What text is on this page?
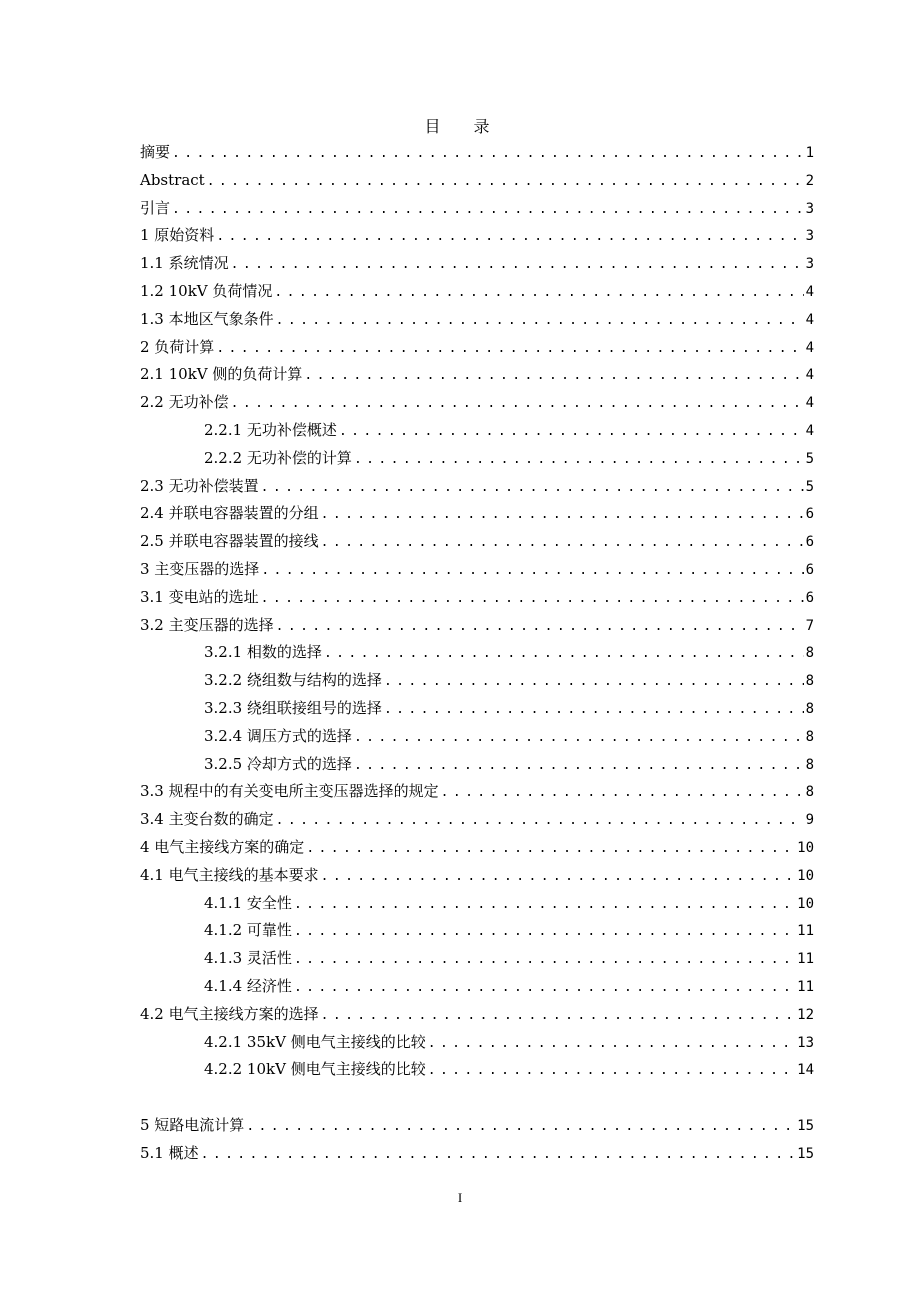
目 录
摘要 .....	1
Abstract .....	2
引言 .....	3
1 原始资料 .....	3
1.1 系统情况 .....	3
1.2 10kV 负荷情况 .....	4
1.3 本地区气象条件 .....	4
2 负荷计算 .....	4
2.1 10kV 侧的负荷计算 .....	4
2.2 无功补偿 .....	4
2.2.1 无功补偿概述 .....	4
2.2.2 无功补偿的计算 .....	5
2.3 无功补偿装置 .....	5
2.4 并联电容器装置的分组 .....	6
2.5 并联电容器装置的接线 .....	6
3 主变压器的选择 .....	6
3.1 变电站的选址 .....	6
3.2 主变压器的选择 .....	7
3.2.1 相数的选择 .....	8
3.2.2 绕组数与结构的选择 .....	8
3.2.3 绕组联接组号的选择 .....	8
3.2.4 调压方式的选择 .....	8
3.2.5 冷却方式的选择 .....	8
3.3 规程中的有关变电所主变压器选择的规定 .....	8
3.4 主变台数的确定 .....	9
4 电气主接线方案的确定 .....	10
4.1 电气主接线的基本要求 .....	10
4.1.1 安全性 .....	10
4.1.2 可靠性 .....	11
4.1.3 灵活性 .....	11
4.1.4 经济性 .....	11
4.2 电气主接线方案的选择 .....	12
4.2.1 35kV 侧电气主接线的比较 .....	13
4.2.2 10kV 侧电气主接线的比较 .....	14
5 短路电流计算 .....	15
5.1 概述 .....	15
I
